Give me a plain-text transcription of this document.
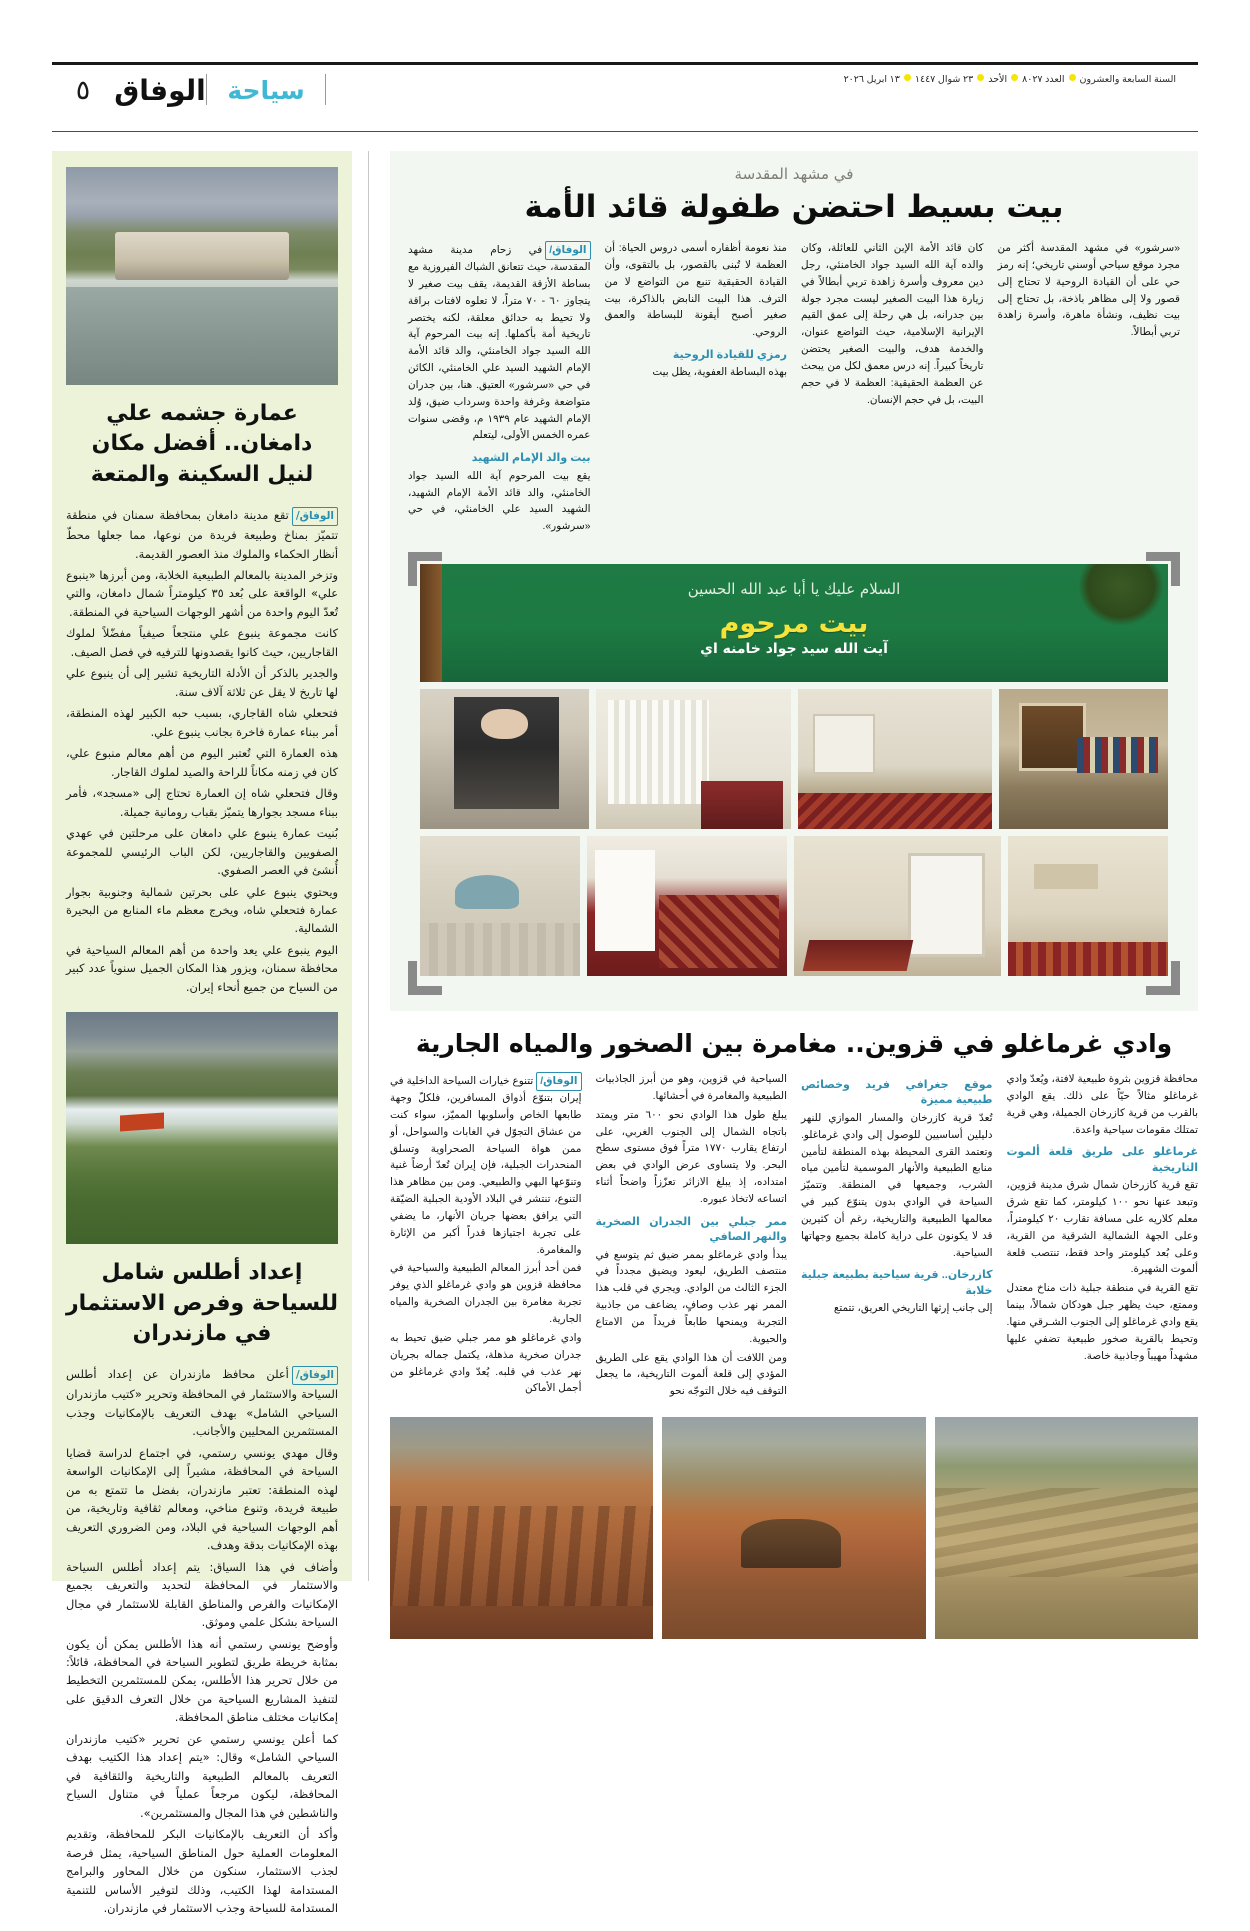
٥ الوفاق سياحة	السنة السابعة والعشرون
العدد ٨٠٢٧
الأحد
٢٣ شوال ١٤٤٧
١٣ ابريل ٢٠٢٦
عمارة جشمه علي دامغان.. أفضل مكان لنيل السكينة والمتعة

الوفاق/تقع مدينة دامغان بمحافظة سمنان في منطقة تتميّز بمناخ وطبيعة فريدة من نوعها، مما جعلها محطّ أنظار الحكماء والملوك منذ العصور القديمة.

وتزخر المدينة بالمعالم الطبيعية الخلابة، ومن أبرزها «ينبوع علي» الواقعة على بُعد ٣٥ كيلومتراً شمال دامغان، والتي تُعدّ اليوم واحدة من أشهر الوجهات السياحية في المنطقة.

كانت مجموعة ينبوع علي منتجعاً صيفياً مفضّلاً لملوك القاجاريين، حيث كانوا يقصدونها للترفيه في فصل الصيف.

والجدير بالذكر أن الأدلة التاريخية تشير إلى أن ينبوع علي لها تاريخ لا يقل عن ثلاثة آلاف سنة.

فتحعلي شاه القاجاري، بسبب حبه الكبير لهذه المنطقة، أمر ببناء عمارة فاخرة بجانب ينبوع علي.

هذه العمارة التي تُعتبر اليوم من أهم معالم منبوع علي، كان في زمنه مكاناً للراحة والصيد لملوك القاجار.

وقال فتحعلي شاه إن العمارة تحتاج إلى «مسجد»، فأمر ببناء مسجد بجوارها يتميّز بقباب رومانية جميلة.

بُنيت عمارة ينبوع علي دامغان على مرحلتين في عهدي الصفويين والقاجاريين، لكن الباب الرئيسي للمجموعة أُنشئ في العصر الصفوي.

ويحتوي ينبوع علي على بحرتين شمالية وجنوبية بجوار عمارة فتحعلي شاه، ويخرج معظم ماء المنابع من البحيرة الشمالية.

اليوم ينبوع علي يعد واحدة من أهم المعالم السياحية في محافظة سمنان، ويزور هذا المكان الجميل سنوياً عدد كبير من السياح من جميع أنحاء إيران.

إعداد أطلس شامل للسياحة وفرص الاستثمار في مازندران

الوفاق/أعلن محافظ مازندران عن إعداد أطلس السياحة والاستثمار في المحافظة وتحرير «كتيب مازندران السياحي الشامل» بهدف التعريف بالإمكانيات وجذب المستثمرين المحليين والأجانب.

وقال مهدي يونسي رستمي، في اجتماع لدراسة قضايا السياحة في المحافظة، مشيراً إلى الإمكانيات الواسعة لهذه المنطقة: تعتبر مازندران، بفضل ما تتمتع به من طبيعة فريدة، وتنوع مناخي، ومعالم ثقافية وتاريخية، من أهم الوجهات السياحية في البلاد، ومن الضروري التعريف بهذه الإمكانيات بدقة وهدف.

وأضاف في هذا السياق: يتم إعداد أطلس السياحة والاستثمار في المحافظة لتحديد والتعريف بجميع الإمكانيات والفرص والمناطق القابلة للاستثمار في مجال السياحة بشكل علمي وموثق.

وأوضح يونسي رستمي أنه هذا الأطلس يمكن أن يكون بمثابة خريطة طريق لتطوير السياحة في المحافظة، قائلاً: من خلال تحرير هذا الأطلس، يمكن للمستثمرين التخطيط لتنفيذ المشاريع السياحية من خلال التعرف الدقيق على إمكانيات مختلف مناطق المحافظة.

كما أعلن يونسي رستمي عن تحرير «كتيب مازندران السياحي الشامل» وقال: «يتم إعداد هذا الكتيب بهدف التعريف بالمعالم الطبيعية والتاريخية والثقافية في المحافظة، ليكون مرجعاً عملياً في متناول السياح والناشطين في هذا المجال والمستثمرين».

وأكد أن التعريف بالإمكانيات البكر للمحافظة، وتقديم المعلومات العملية حول المناطق السياحية، يمثل فرصة لجذب الاستثمار، سنكون من خلال المحاور والبرامج المستدامة لهذا الكتيب، وذلك لتوفير الأساس للتنمية المستدامة للسياحة وجذب الاستثمار في مازندران.

في مشهد المقدسة
بيت بسيط احتضن طفولة قائد الأمة

«سرشور» في مشهد المقدسة أكثر من مجرد موقع سياحي أوسني تاريخي؛ إنه رمز حي على أن القيادة الروحية لا تحتاج إلى قصور ولا إلى مظاهر باذخة، بل تحتاج إلى بيت نظيف، ونشأة ماهرة، وأسرة زاهدة تربي أبطالاً.

كان قائد الأمة الإبن الثاني للعائلة، وكان والده آية الله السيد جواد الخامنئي، رجل دين معروف وأسرة زاهدة تربي أبطالاً في زيارة هذا البيت الصغير ليست مجرد جولة بين جدرانه، بل هي رحلة إلى عمق القيم الإيرانية الإسلامية، حيث التواضع عنوان، والخدمة هدف، والبيت الصغير يحتضن تاريخاً كبيراً. إنه درس معمق لكل من يبحث عن العظمة الحقيقية: العظمة لا في حجم البيت، بل في حجم الإنسان.

منذ نعومة أظفاره أسمى دروس الحياة: أن العظمة لا تُبنى بالقصور، بل بالتقوى، وأن القيادة الحقيقية تنبع من التواضع لا من الترف. هذا البيت النابض بالذاكرة، بيت صغير أصبح أيقونة للبساطة والعمق الروحي.

رمزي للقيادة الروحية

بهذه البساطة العفوية، يظل بيت

الوفاق/في زحام مدينة مشهد المقدسة، حيث تتعانق الشباك الفيروزية مع بساطة الأزقة القديمة، يقف بيت صغير لا يتجاوز ٦٠ - ٧٠ متراً، لا تعلوه لافتات براقة ولا تحيط به حدائق معلقة، لكنه يختصر تاريخية أمة بأكملها. إنه بيت المرحوم آية الله السيد جواد الخامنئي، والد قائد الأمة الإمام الشهيد السيد علي الخامنئي، الكائن في حي «سرشور» العتيق. هنا، بين جدران متواضعة وغرفة واحدة وسرداب ضيق، وُلد الإمام الشهيد عام ١٩٣٩ م، وقضى سنوات عمره الخمس الأولى، ليتعلم

بيت والد الإمام الشهيد

يقع بيت المرحوم آية الله السيد جواد الخامنئي، والد قائد الأمة الإمام الشهيد، الشهيد السيد علي الخامنئي، في حي «سرشور».

السلام عليك يا أبا عبد الله الحسين
بيت مرحوم
آيت الله سيد جواد خامنه اي
وادي غرماغلو في قزوين.. مغامرة بين الصخور والمياه الجارية

محافظة قزوين بثروة طبيعية لافتة، ويُعدّ وادي غرماغلو مثالاً حيّاً على ذلك. يقع الوادي بالقرب من قرية كازرخان الجميلة، وهي قرية تمتلك مقومات سياحية واعدة.

غرماغلو على طريق قلعة ألموت التاريخية

تقع قرية كازرخان شمال شرق مدينة قزوين، وتبعد عنها نحو ١٠٠ كيلومتر، كما تقع شرق معلم كلاريه على مسافة تقارب ٢٠ كيلومتراً، وعلى الجهة الشمالية الشرقية من القرية، وعلى بُعد كيلومتر واحد فقط، تنتصب قلعة ألموت الشهيرة.

تقع القرية في منطقة جبلية ذات مناخ معتدل وممتع، حيث يظهر جبل هودكان شمالاً، بينما يقع وادي غرماغلو إلى الجنوب الشـرقي منها. وتحيط بالقرية صخور طبيعية تضفي عليها مشهداً مهيباً وجاذبية خاصة.

موقع جغرافي فريد وخصائص طبيعية مميزة

تُعدّ قرية كازرخان والمسار الموازي للنهر دليلين أساسيين للوصول إلى وادي غرماغلو. وتعتمد القرى المحيطة بهذه المنطقة لتأمين منابع الطبيعية والأنهار الموسمية لتأمين مياه الشرب، وجميعها في المنطقة. وتتميّز السياحة في الوادي بدون يتنوّع كبير في معالمها الطبيعية والتاريخية، رغم أن كثيرين قد لا يكونون على دراية كاملة بجميع وجهاتها السياحية.

كازرخان.. قرية سياحية بطبيعة جبلية خلابة

إلى جانب إرثها التاريخي العريق، تتمتع

السياحية في قزوين، وهو من أبرز الجاذبيات الطبيعية والمغامرة في أحشائها.

يبلغ طول هذا الوادي نحو ٦٠٠ متر ويمتد باتجاه الشمال إلى الجنوب الغربي، على ارتفاع يقارب ١٧٧٠ متراً فوق مستوى سطح البحر. ولا يتساوى عرض الوادي في بعض امتداده، إذ يبلغ الازائر تعزّزاً واضحاً أثناء اتساعه لاتخاذ عبوره.

ممر جبلي بين الجدران الصخرية والنهر الصافي

يبدأ وادي غرماغلو بممر ضيق ثم يتوسع في منتصف الطريق، ليعود ويضيق مجدداً في الجزء الثالث من الوادي. ويجري في قلب هذا الممر نهر عذب وصافٍ، يضاعف من جاذبية التجربة ويمنحها طابعاً فريداً من الامتاع والحيوية.

ومن اللافت أن هذا الوادي يقع على الطريق المؤدي إلى قلعة ألموت التاريخية، ما يجعل التوقف فيه خلال التوجّه نحو

الوفاق/تتنوع خيارات السياحة الداخلية في إيران بتنوّع أذواق المسافرين، فلكلّ وجهة طابعها الخاص وأسلوبها المميّز، سواء كنت من عشاق التجوّل في الغابات والسواحل، أو ممن هواة السياحة الصحراوية وتسلق المنحدرات الجبلية، فإن إيران تُعدّ أرضاً غنية وتنوّعها البهي والطبيعي. ومن بين مظاهر هذا التنوع، تنتشر في البلاد الأودية الجبلية الضيّقة التي يرافق بعضها جريان الأنهار، ما يضفي على تجربة اجتيازها قدراً أكبر من الإثارة والمغامرة.

فمن أحد أبرز المعالم الطبيعية والسياحية في محافظة قزوين هو وادي غرماغلو الذي يوفر تجربة مغامرة بين الجدران الصخرية والمياه الجارية.

وادي غرماغلو هو ممر جبلي ضيق تحيط به جدران صخرية مذهلة، يكتمل جماله بجريان نهر عذب في قلبه. يُعدّ وادي غرماغلو من أجمل الأماكن
